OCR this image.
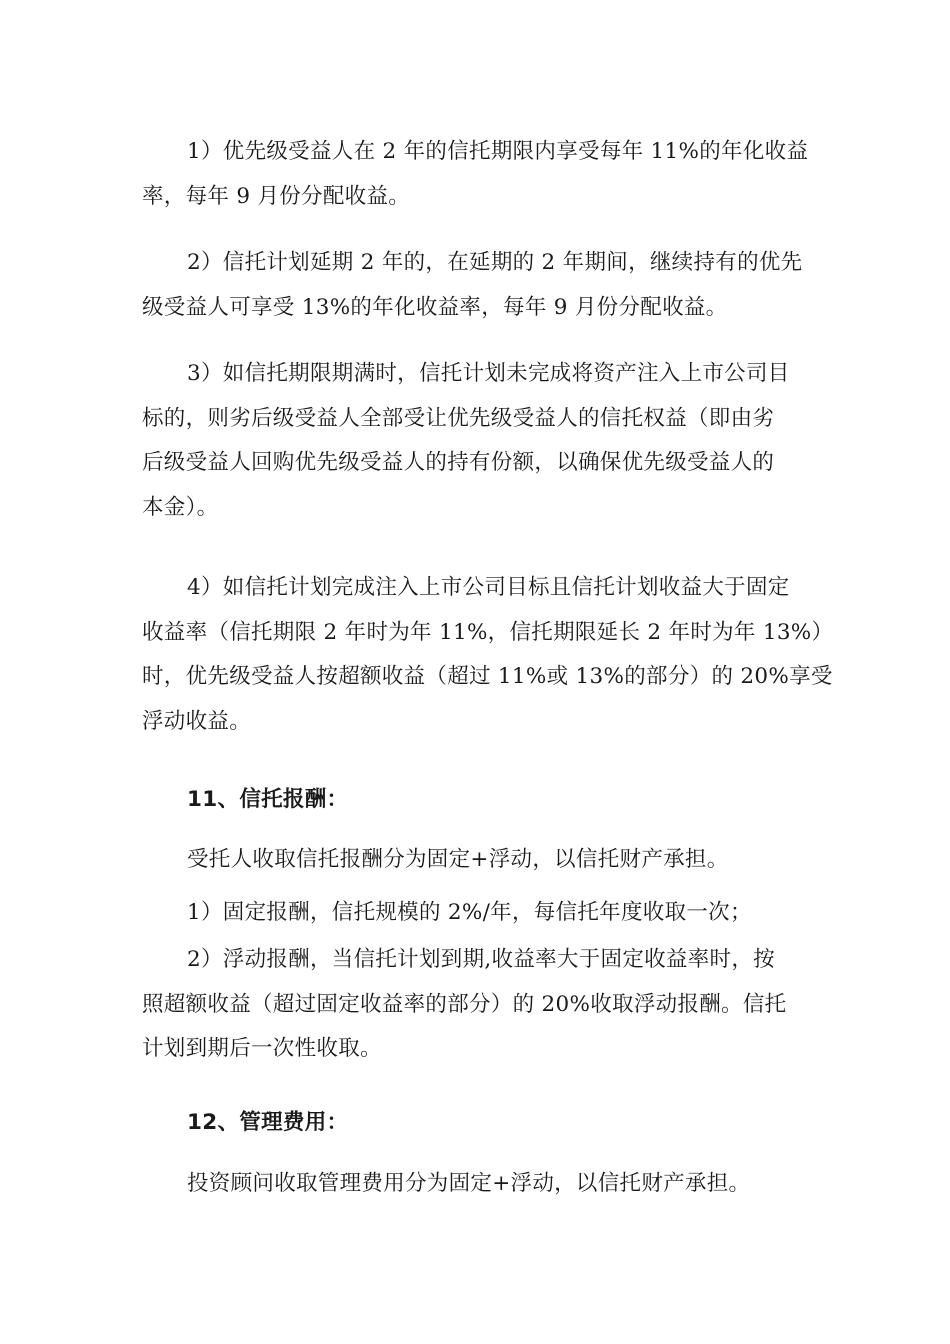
1）优先级受益人在 2 年的信托期限内享受每年 11%的年化收益
率，每年 9 月份分配收益。
2）信托计划延期 2 年的，在延期的 2 年期间，继续持有的优先
级受益人可享受 13%的年化收益率，每年 9 月份分配收益。
3）如信托期限期满时，信托计划未完成将资产注入上市公司目
标的，则劣后级受益人全部受让优先级受益人的信托权益（即由劣
后级受益人回购优先级受益人的持有份额，以确保优先级受益人的
本金）。
4）如信托计划完成注入上市公司目标且信托计划收益大于固定
收益率（信托期限 2 年时为年 11%，信托期限延长 2 年时为年 13%）
时，优先级受益人按超额收益（超过 11%或 13%的部分）的 20%享受
浮动收益。
11、信托报酬：
受托人收取信托报酬分为固定+浮动，以信托财产承担。
1）固定报酬，信托规模的 2%/年，每信托年度收取一次；
2）浮动报酬，当信托计划到期,收益率大于固定收益率时，按
照超额收益（超过固定收益率的部分）的 20%收取浮动报酬。信托
计划到期后一次性收取。
12、管理费用：
投资顾问收取管理费用分为固定+浮动，以信托财产承担。
